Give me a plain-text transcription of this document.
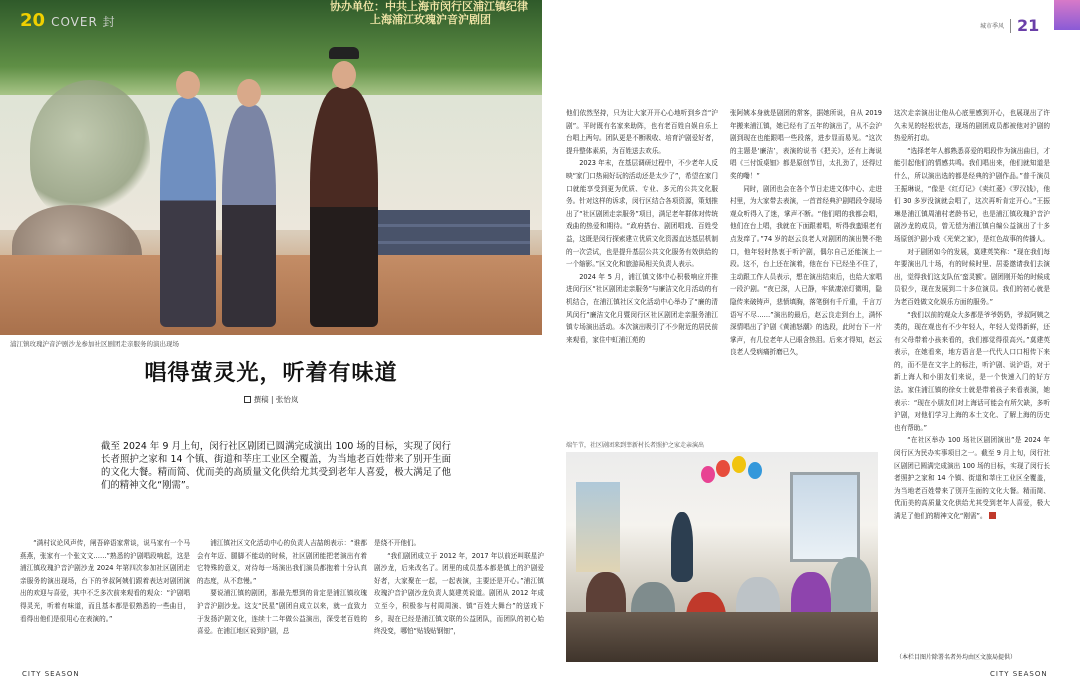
20 COVER 封
协办单位：中共上海市闵行区浦江镇纪律
上海浦江玫瑰沪音沪剧团
浦江镇玫瑰沪音沪剧沙龙参加社区剧团走亲服务的演出现场
唱得萤灵光，听着有味道
撰稿 | 张怡岚
截至 2024 年 9 月上旬，闵行社区剧团已圆满完成演出 100 场的目标，实现了闵行长者照护之家和 14 个镇、街道和莘庄工业区全覆盖，为当地老百姓带来了别开生面的文化大餐。精而简、优而美的高质量文化供给尤其受到老年人喜爱，极大满足了他们的精神文化“刚需”。

“满村议论风声传，闸吾碎语家常谈，说马家有一个马燕燕，张家有一个张文文……”熟悉的沪剧唱段响起，这是浦江镇玫瑰沪音沪剧沙龙 2024 年第四次参加社区剧团走亲服务的演出现场，台下的爷叔阿姨们跟着表达对剧团演出的欢迎与喜爱，其中不乏多次前来观看的观众：“沪剧唱得灵光，听着有味道，而且基本都是很熟悉的一些曲目，看得出他们是很用心在表演的。”

浦江镇社区文化活动中心的负责人吉喆朗表示：“谁都会有年迈、腿脚不能动的时候，社区剧团能把老演出有着它特殊的意义，对待每一场演出我们演员都抱着十分认真的态度，从不怠慢。”

要说浦江镇的剧团，那最先想到的肯定是浦江镇玫瑰沪音沪剧沙龙。这支“民星”剧团自成立以来，就一直致力于发扬沪剧文化，连续十二年做公益演出，深受老百姓的喜爱。在浦江地区说到沪剧，总

是绕不开他们。

“我们剧团成立于 2012 年，2017 年以前还叫联星沪剧沙龙，后来改名了。团里的成员基本都是镇上的沪剧爱好者，大家聚在一起，一起表演，主要还是开心。”浦江镇玫瑰沪音沪剧沙龙负责人莫建英说道。剧团从 2012 年成立至今，积极参与村周周演、镇“百姓大舞台”的送戏下乡，现在已经是浦江镇文联的公益团队，而团队的初心始终没变，哪怕“贴钱贴钢钿”，

CITY SEASON
城市季风 21

他们依然坚持，只为让大家开开心心地听到乡音“沪剧”。平时既有名家来助阵，也有老百姓自娱自乐上台唱上两句。团队更是不断吸收、培育沪剧爱好者，提升整体素质，为百姓送去欢乐。

2023 年末，在基层调研过程中，不少老年人反映“家门口热闹好玩的活动还是太少了”，希望在家门口就能享受到更为优质、专业、多元的公共文化服务。针对这样的诉求，闵行区结合各项资源，策划推出了“社区剧团走亲服务”项目，满足老年群体对传统戏曲的热爱和期待。“政府搭台、剧团唱戏、百姓受益，这既是闵行探索建立优质文化资源直达基层机制的一次尝试，也是提升基层公共文化服务有效供给的一个缩影。”区文化和旅游局相关负责人表示。

2024 年 5 月，浦江镇文体中心积极响应并推进闵行区“社区剧团走亲服务”与廉洁文化月活动的有机结合，在浦江镇社区文化活动中心举办了“廉的清风闵行”廉洁文化月暨闵行区社区剧团走亲服务浦江镇专场演出活动。本次演出吸引了不少附近的居民前来观看，家住中虹浦江苑的

张阿姨本身就是剧团的常客，据她所说，自从 2019 年搬来浦江镇，她已经有了五年的演出了，从不会沪剧到现在也能跟唱一些段落，进步显而易见。“这次的主题是‘廉洁’，表演的说书《把关》，还有上海说唱《三付饭桌钿》都是原创节目，太扎劲了，还得过奖的嘞！”

同时，剧团也会在各个节日走进文体中心、走进村里，为大家带去表演，一首首经典沪剧唱段令现场观众听得入了迷，掌声不断。“他们唱的我都会唱，他们在台上唱，我就在下面跟着唱，听得我蛮眼老有点发痒了。”74 岁的赵云良老人对剧团的演出赞不绝口，他年轻时热衷于听沪剧，偶尔自己还能演上一段。这不，台上还在演着，他在台下已经坐不住了，主动跟工作人员表示，想在演出结束后，也给大家唱一段沪剧。“夜已深，人已静，牢狱凄凉灯微明，隐隐传来破铸声，悲愤填胸，落笔倒有千斤重，千言万语写不尽……”演出的最后，赵云良走到台上，满怀深情唱出了沪剧《黄浦怒潮》的选段，此时台下一片掌声，有几位老年人已眼含热泪。后来才得知，赵云良老人受病痛折磨已久，

这次走亲演出让他从心底里感到开心，也展现出了许久未见的轻松状态，现场的剧团成员都被他对沪剧的热爱所打动。

“选择老年人都熟悉喜爱的唱段作为演出曲目，才能引起他们的情感共鸣。我们唱出来，他们就知道是什么，所以演出选的都是经典的沪剧作品。”普千演员王振琳说，“像是《红灯记》《卖红菱》《罗汉钱》，他们 30 多岁没演就会唱了，这次再听肯定开心。”王振琳是浦江镇周浦村老龄书记，也是浦江镇玫瑰沪音沪剧沙龙的成员，曾无偿为浦江镇自编公益演出了十多场原创沪剧小戏《光荣之家》，是红色故事的传播人。

对于剧团如今的发展，莫建英笑称：“现在我们每年要演出几十场，有的时候时里、居委邀请我们去演出，觉得我们这支队伍‘蛮灵额’。剧团刚开始的时候成员很少，现在发展到二十多位演员。我们的初心就是为老百姓做文化娱乐方面的服务。”

“我们以前的观众大多都是爷爷奶奶，爷叔阿姨之类的，现在观也有不少年轻人，年轻人觉得新鲜，还有父母带着小孩来看的，我们都觉得很高兴。”莫建英表示，在她看来，地方语言是一代代人口口相传下来的，而不是在文字上的标注，听沪剧、说沪语，对于新上海人和小朋友们来说，是一个快速入门的好方法。家住浦江镇的徐女士就是带着孩子来看表演，她表示：“现在小朋友们对上海话可能会有所欠缺，多听沪剧，对他们学习上海的本土文化、了解上海的历史也有帮助。”

“在社区举办 100 场社区剧团演出”是 2024 年闵行区为民办实事项目之一。截至 9 月上旬，闵行社区剧团已圆满完成演出 100 场的目标，实现了闵行长者照护之家和 14 个镇、街道和莘庄工业区全覆盖，为当地老百姓带来了别开生面的文化大餐。精而简、优而美的高质量文化供给尤其受到老年人喜爱，极大满足了他们的精神文化“刚需”。

端午节，社区剧团来到莘新村长者照护之家走亲演出

（本栏目图片除署名者外均由区文旅局提供）

CITY SEASON
